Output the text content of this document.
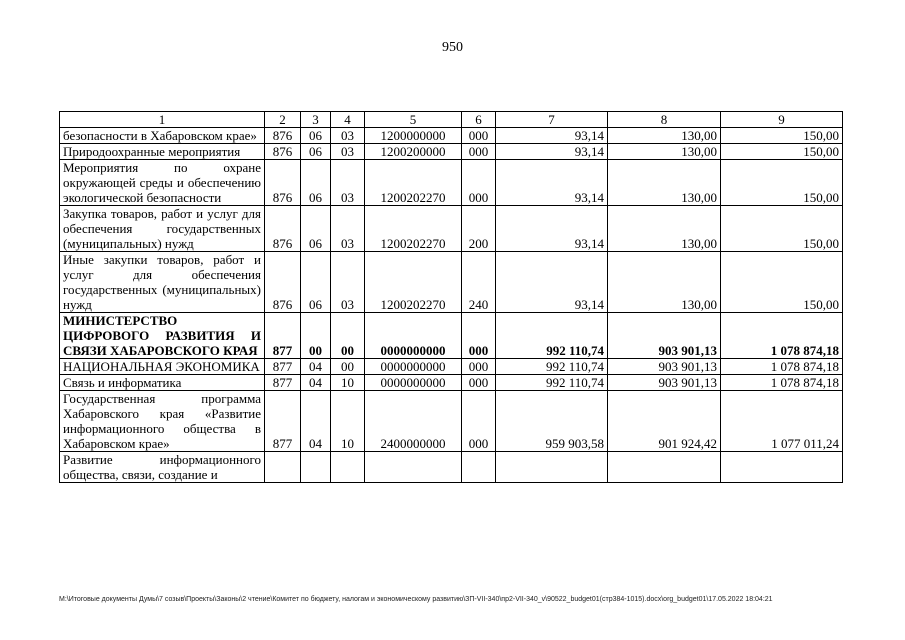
950
1	2	3	4	5	6	7	8	9
безопасности в Хабаровском крае»	876	06	03	1200000000	000	93,14	130,00	150,00
Природоохранные мероприятия	876	06	03	1200200000	000	93,14	130,00	150,00
Мероприятия по охране окружающей среды и обеспечению экологической безопасности	876	06	03	1200202270	000	93,14	130,00	150,00
Закупка товаров, работ и услуг для обеспечения государственных (муниципальных) нужд	876	06	03	1200202270	200	93,14	130,00	150,00
Иные закупки товаров, работ и услуг для обеспечения государственных (муниципальных) нужд	876	06	03	1200202270	240	93,14	130,00	150,00
МИНИСТЕРСТВО ЦИФРОВОГО РАЗВИТИЯ И СВЯЗИ ХАБАРОВСКОГО КРАЯ	877	00	00	0000000000	000	992 110,74	903 901,13	1 078 874,18
НАЦИОНАЛЬНАЯ ЭКОНОМИКА	877	04	00	0000000000	000	992 110,74	903 901,13	1 078 874,18
Связь и информатика	877	04	10	0000000000	000	992 110,74	903 901,13	1 078 874,18
Государственная программа Хабаровского края «Развитие информационного общества в Хабаровском крае»	877	04	10	2400000000	000	959 903,58	901 924,42	1 077 011,24
Развитие информационного общества, связи, создание и								
M:\Итоговые документы Думы\7 созыв\Проекты\Законы\2 чтение\Комитет по бюджету, налогам и экономическому развитию\ЗП-VII-340\пр2-VII-340_v\90522_budget01(стр384-1015).docx\org_budget01\17.05.2022 18:04:21
